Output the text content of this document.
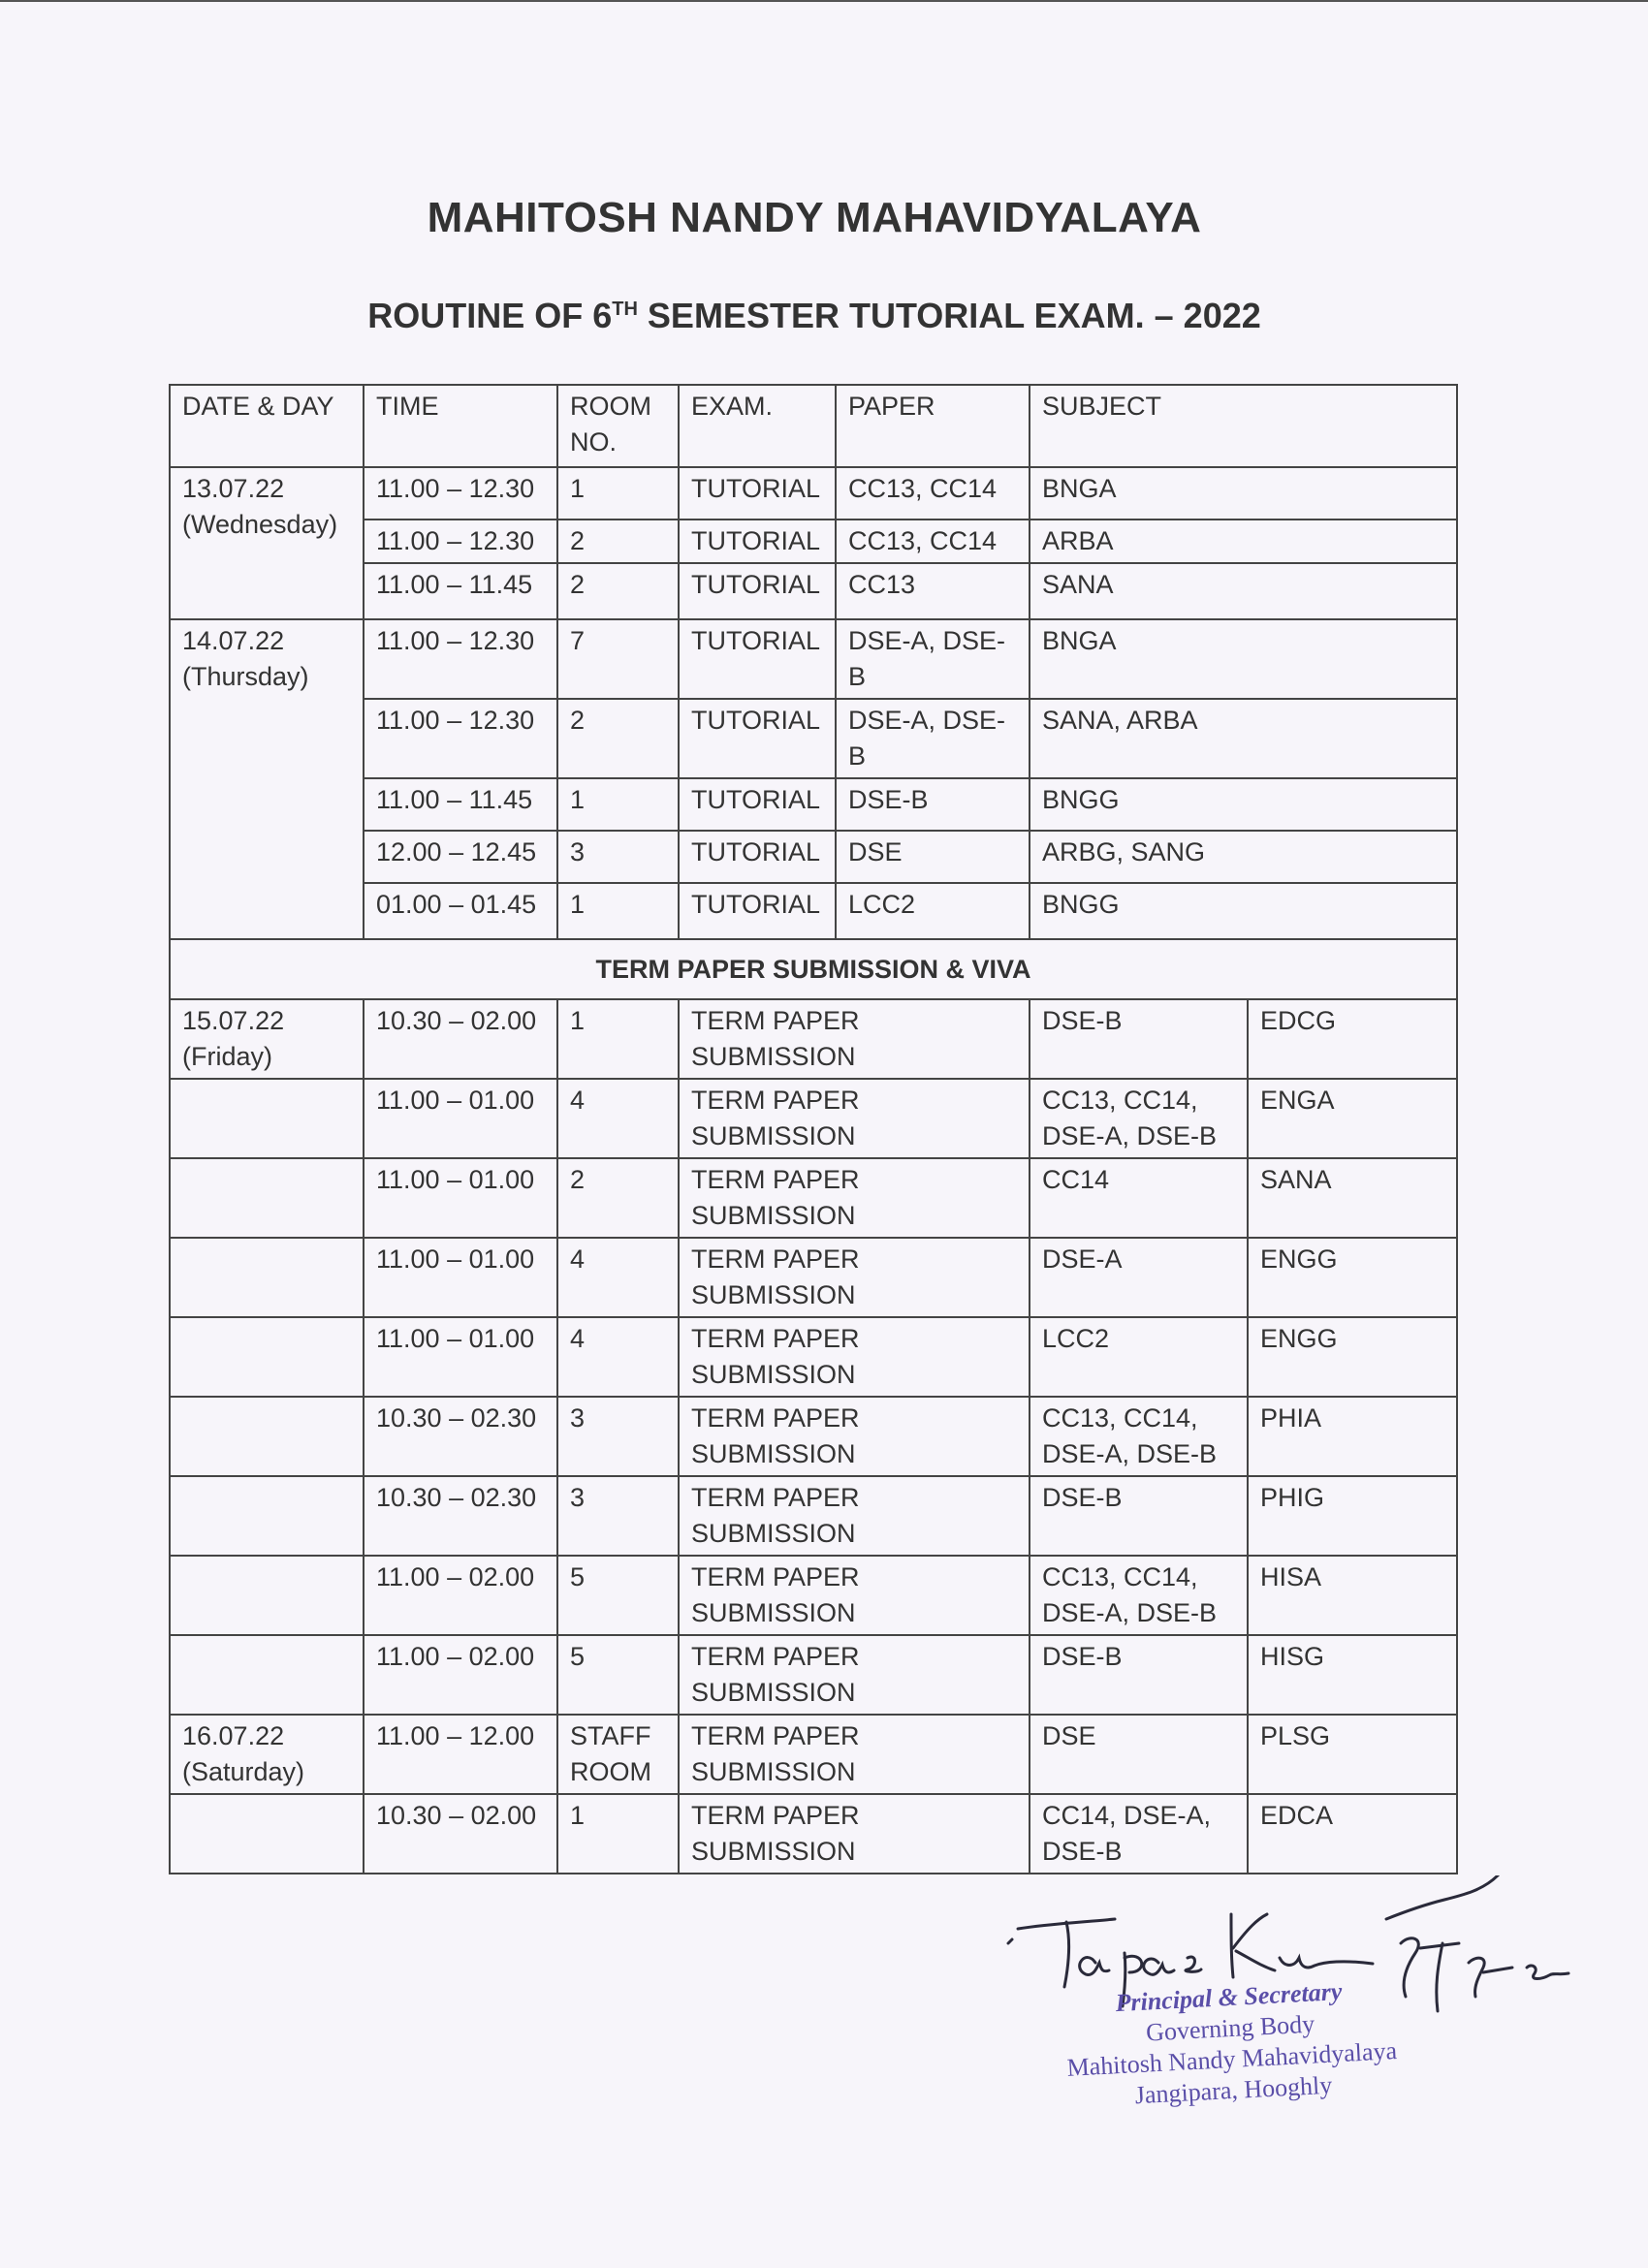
MAHITOSH NANDY MAHAVIDYALAYA
ROUTINE OF 6TH SEMESTER TUTORIAL EXAM. – 2022
DATE & DAY	TIME	ROOM NO.	EXAM.	PAPER	SUBJECT	

13.07.22
(Wednesday)	11.00 – 12.30	1	TUTORIAL	CC13, CC14	BNGA	
	11.00 – 12.30	2	TUTORIAL	CC13, CC14	ARBA	
	11.00 – 11.45	2	TUTORIAL	CC13	SANA	

14.07.22
(Thursday)	11.00 – 12.30	7	TUTORIAL	DSE-A, DSE-B	BNGA	
	11.00 – 12.30	2	TUTORIAL	DSE-A, DSE-B	SANA, ARBA	
	11.00 – 11.45	1	TUTORIAL	DSE-B	BNGG	
	12.00 – 12.45	3	TUTORIAL	DSE	ARBG, SANG	
	01.00 – 01.45	1	TUTORIAL	LCC2	BNGG	
TERM PAPER SUBMISSION & VIVA						

15.07.22
(Friday)	10.30 – 02.00	1	TERM PAPER SUBMISSION		DSE-B	EDCG
	11.00 – 01.00	4	TERM PAPER SUBMISSION		CC13, CC14, DSE-A, DSE-B	ENGA
	11.00 – 01.00	2	TERM PAPER SUBMISSION		CC14	SANA
	11.00 – 01.00	4	TERM PAPER SUBMISSION		DSE-A	ENGG
	11.00 – 01.00	4	TERM PAPER SUBMISSION		LCC2	ENGG
	10.30 – 02.30	3	TERM PAPER SUBMISSION		CC13, CC14, DSE-A, DSE-B	PHIA
	10.30 – 02.30	3	TERM PAPER SUBMISSION		DSE-B	PHIG
	11.00 – 02.00	5	TERM PAPER SUBMISSION		CC13, CC14, DSE-A, DSE-B	HISA
	11.00 – 02.00	5	TERM PAPER SUBMISSION		DSE-B	HISG

16.07.22
(Saturday)	11.00 – 12.00	STAFF ROOM	TERM PAPER SUBMISSION		DSE	PLSG
	10.30 – 02.00	1	TERM PAPER SUBMISSION		CC14, DSE-A, DSE-B	EDCA
Principal & Secretary
Governing Body
Mahitosh Nandy Mahavidyalaya
Jangipara, Hooghly
